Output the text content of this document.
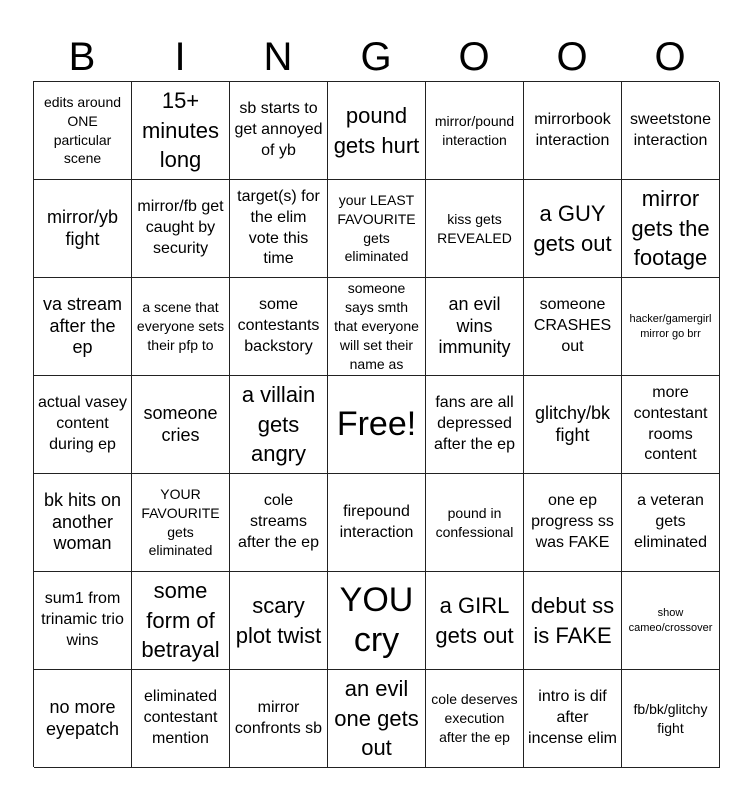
B	I	N	G	O	O	O
edits around ONE particular scene
15+ minutes long
sb starts to get annoyed of yb
pound gets hurt
mirror/pound interaction
mirrorbook interaction
sweetstone interaction
mirror/yb fight
mirror/fb get caught by security
target(s) for the elim vote this time
your LEAST FAVOURITE gets eliminated
kiss gets REVEALED
a GUY gets out
mirror gets the footage
va stream after the ep
a scene that everyone sets their pfp to
some contestants backstory
someone says smth that everyone will set their name as
an evil wins immunity
someone CRASHES out
hacker/gamergirl mirror go brr
actual vasey content during ep
someone cries
a villain gets angry
Free!
fans are all depressed after the ep
glitchy/bk fight
more contestant rooms content
bk hits on another woman
YOUR FAVOURITE gets eliminated
cole streams after the ep
firepound interaction
pound in confessional
one ep progress ss was FAKE
a veteran gets eliminated
sum1 from trinamic trio wins
some form of betrayal
scary plot twist
YOU cry
a GIRL gets out
debut ss is FAKE
show cameo/crossover
no more eyepatch
eliminated contestant mention
mirror confronts sb
an evil one gets out
cole deserves execution after the ep
intro is dif after incense elim
fb/bk/glitchy fight
